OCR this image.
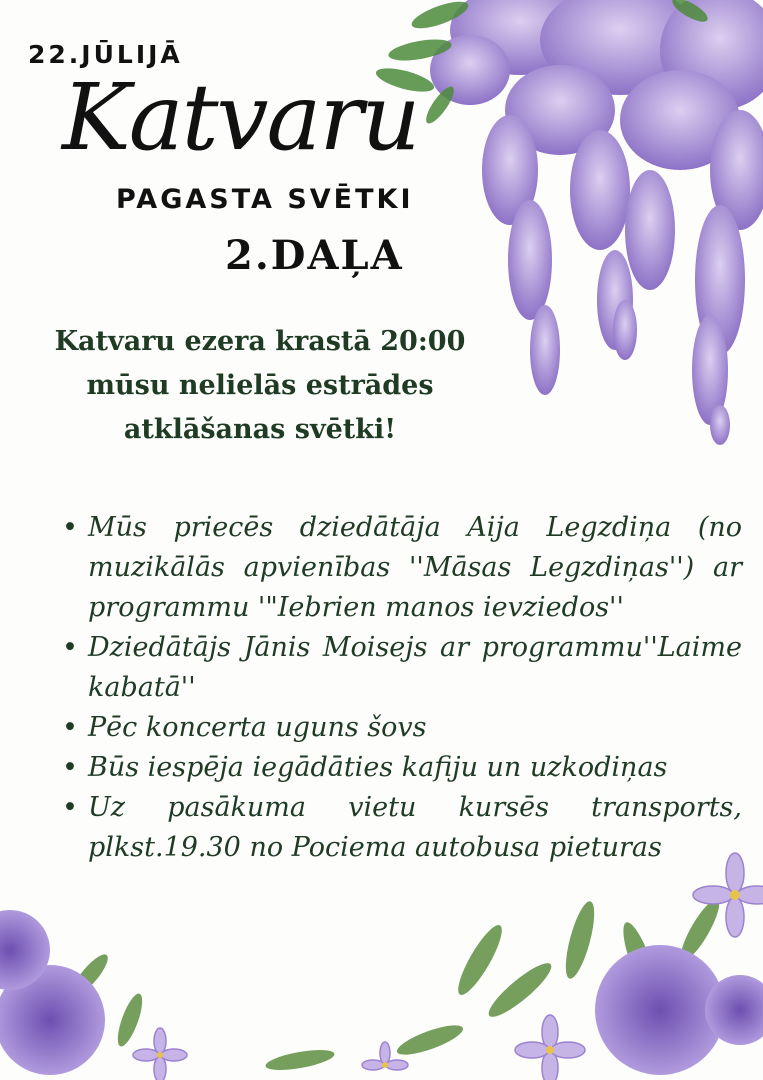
22.JŪLIJĀ
Katvaru
PAGASTA SVĒTKI
2.DAĻA
Katvaru ezera krastā 20:00
mūsu nelielās estrādes
atklāšanas svētki!
• Mūs priecēs dziedātāja Aija Legzdiņa (no muzikālās apvienības ''Māsas Legzdiņas'') ar programmu '"Iebrien manos ievziedos''
• Dziedātājs Jānis Moisejs ar programmu''Laime kabatā''
• Pēc koncerta uguns šovs
• Būs iespēja iegādāties kafiju un uzkodiņas
• Uz pasākuma vietu kursēs transports, plkst.19.30 no Pociema autobusa pieturas
